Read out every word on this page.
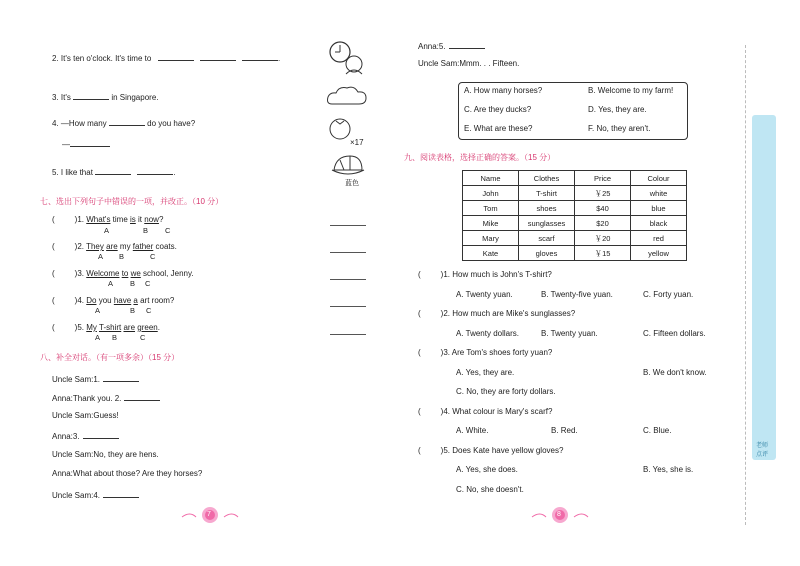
2. It's ten o'clock. It's time to	.
3. It's	in Singapore.
4. —How many	do you have?
—	×17
5. I like that	.
蓝色
七、选出下列句子中错误的一项，并改正。（10 分）
(	)1. What's time is it now?
A	B C
(	)2. They are my father coats.
A B	C
(	)3. Welcome to we school, Jenny.
A B C
(	)4. Do you have a art room?
A	B C
(	)5. My T-shirt are green.
A B	C
八、补全对话。（有一项多余）（15 分）
Uncle Sam:1.
Anna:Thank you. 2.
Uncle Sam:Guess!
Anna:3.
Uncle Sam:No, they are hens.
Anna:What about those? Are they horses?
Uncle Sam:4.
7
Anna:5.
Uncle Sam:Mmm. . . Fifteen.
A. How many horses?	B. Welcome to my farm!
C. Are they ducks?	D. Yes, they are.
E. What are these?	F. No, they aren't.
九、阅读表格，选择正确的答案。（15 分）
Name	Clothes	Price	Colour
John	T-shirt	￥25	white
Tom	shoes	$40	blue
Mike	sunglasses	$20	black
Mary	scarf	￥20	red
Kate	gloves	￥15	yellow
(	)1. How much is John's T-shirt?
A. Twenty yuan.	B. Twenty-five yuan.	C. Forty yuan.
(	)2. How much are Mike's sunglasses?
A. Twenty dollars.	B. Twenty yuan.	C. Fifteen dollars.
(	)3. Are Tom's shoes forty yuan?
A. Yes, they are.	B. We don't know.
C. No, they are forty dollars.
(	)4. What colour is Mary's scarf?
A. White.	B. Red.	C. Blue.
(	)5. Does Kate have yellow gloves?
A. Yes, she does.	B. Yes, she is.
C. No, she doesn't.
8
老师点评
